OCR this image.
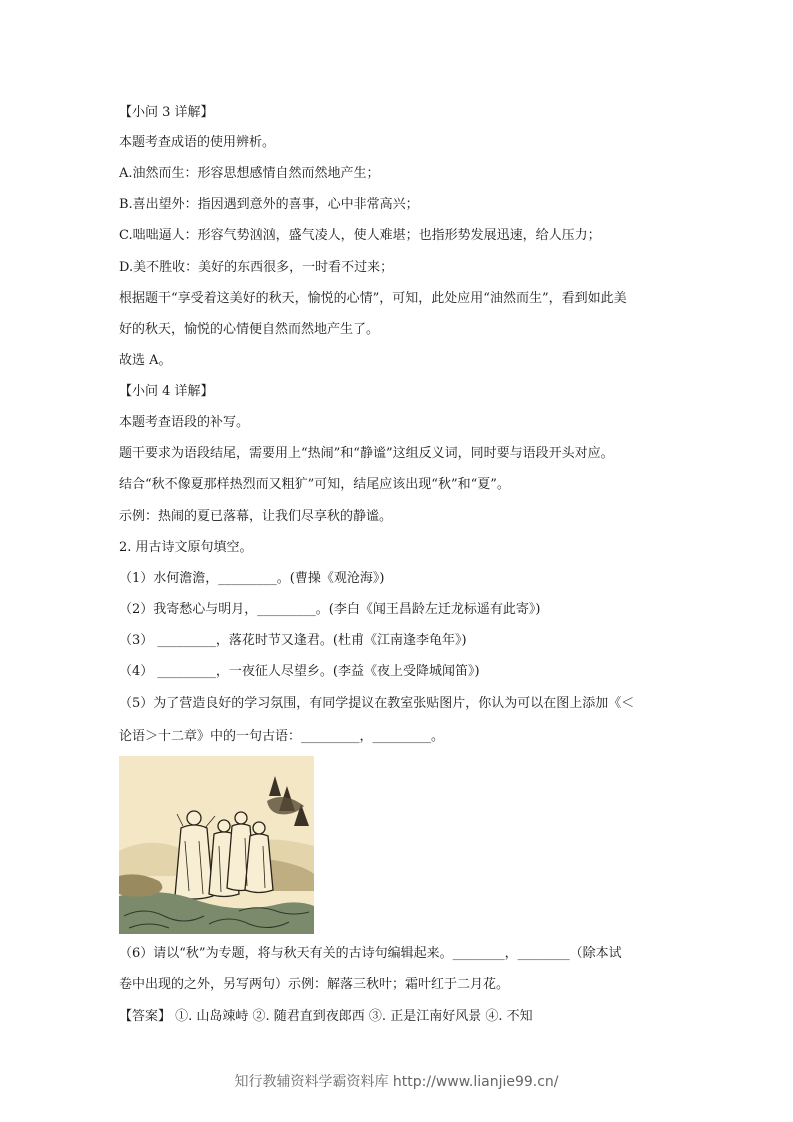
【小问 3 详解】
本题考查成语的使用辨析。
A.油然而生：形容思想感情自然而然地产生；
B.喜出望外：指因遇到意外的喜事，心中非常高兴；
C.咄咄逼人：形容气势汹汹，盛气凌人，使人难堪；也指形势发展迅速，给人压力；
D.美不胜收：美好的东西很多，一时看不过来；
根据题干“享受着这美好的秋天，愉悦的心情”，可知，此处应用“油然而生”，看到如此美
好的秋天，愉悦的心情便自然而然地产生了。
故选 A。
【小问 4 详解】
本题考查语段的补写。
题干要求为语段结尾，需要用上“热闹”和“静谧”这组反义词，同时要与语段开头对应。
结合“秋不像夏那样热烈而又粗犷”可知，结尾应该出现“秋”和“夏”。
示例：热闹的夏已落幕，让我们尽享秋的静谧。
2. 用古诗文原句填空。
（1）水何澹澹，_________。(曹操《观沧海》)
（2）我寄愁心与明月，_________。(李白《闻王昌龄左迁龙标遥有此寄》)
（3） _________，落花时节又逢君。(杜甫《江南逢李龟年》)
（4） _________，一夜征人尽望乡。(李益《夜上受降城闻笛》)
（5）为了营造良好的学习氛围，有同学提议在教室张贴图片，你认为可以在图上添加《＜
论语＞十二章》中的一句古语：_________，_________。
（6）请以“秋”为专题，将与秋天有关的古诗句编辑起来。________，________（除本试
卷中出现的之外，另写两句）示例：解落三秋叶；霜叶红于二月花。
【答案】 ①. 山岛竦峙 ②. 随君直到夜郎西 ③. 正是江南好风景 ④. 不知
知行教辅资料学霸资料库 http://www.lianjie99.cn/
